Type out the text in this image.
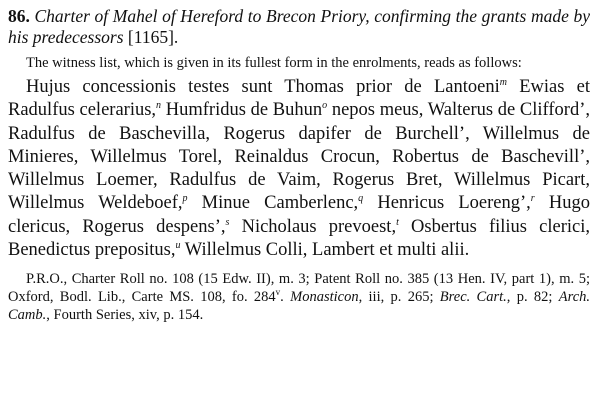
86. Charter of Mahel of Hereford to Brecon Priory, confirming the grants made by his predecessors [1165].

The witness list, which is given in its fullest form in the enrolments, reads as follows:

Hujus concessionis testes sunt Thomas prior de Lantoeni$^m$ Ewias et Radulfus celerarius,$^n$ Humfridus de Buhun$^o$ nepos meus, Walterus de Clifford’, Radulfus de Baschevilla, Rogerus dapifer de Burchell’, Willelmus de Minieres, Willelmus Torel, Reinaldus Crocun, Robertus de Baschevill’, Willelmus Loemer, Radulfus de Vaim, Rogerus Bret, Willelmus Picart, Willelmus Weldeboef,$^p$ Minue Camberlenc,$^q$ Henricus Loereng’,$^r$ Hugo clericus, Rogerus despens’,$^s$ Nicholaus prevoest,$^t$ Osbertus filius clerici, Benedictus prepositus,$^u$ Willelmus Colli, Lambert et multi alii.

P.R.O., Charter Roll no. 108 (15 Edw. II), m. 3; Patent Roll no. 385 (13 Hen. IV, part 1), m. 5; Oxford, Bodl. Lib., Carte MS. 108, fo. 284$^v$. Monasticon, iii, p. 265; Brec. Cart., p. 82; Arch. Camb., Fourth Series, xiv, p. 154.
